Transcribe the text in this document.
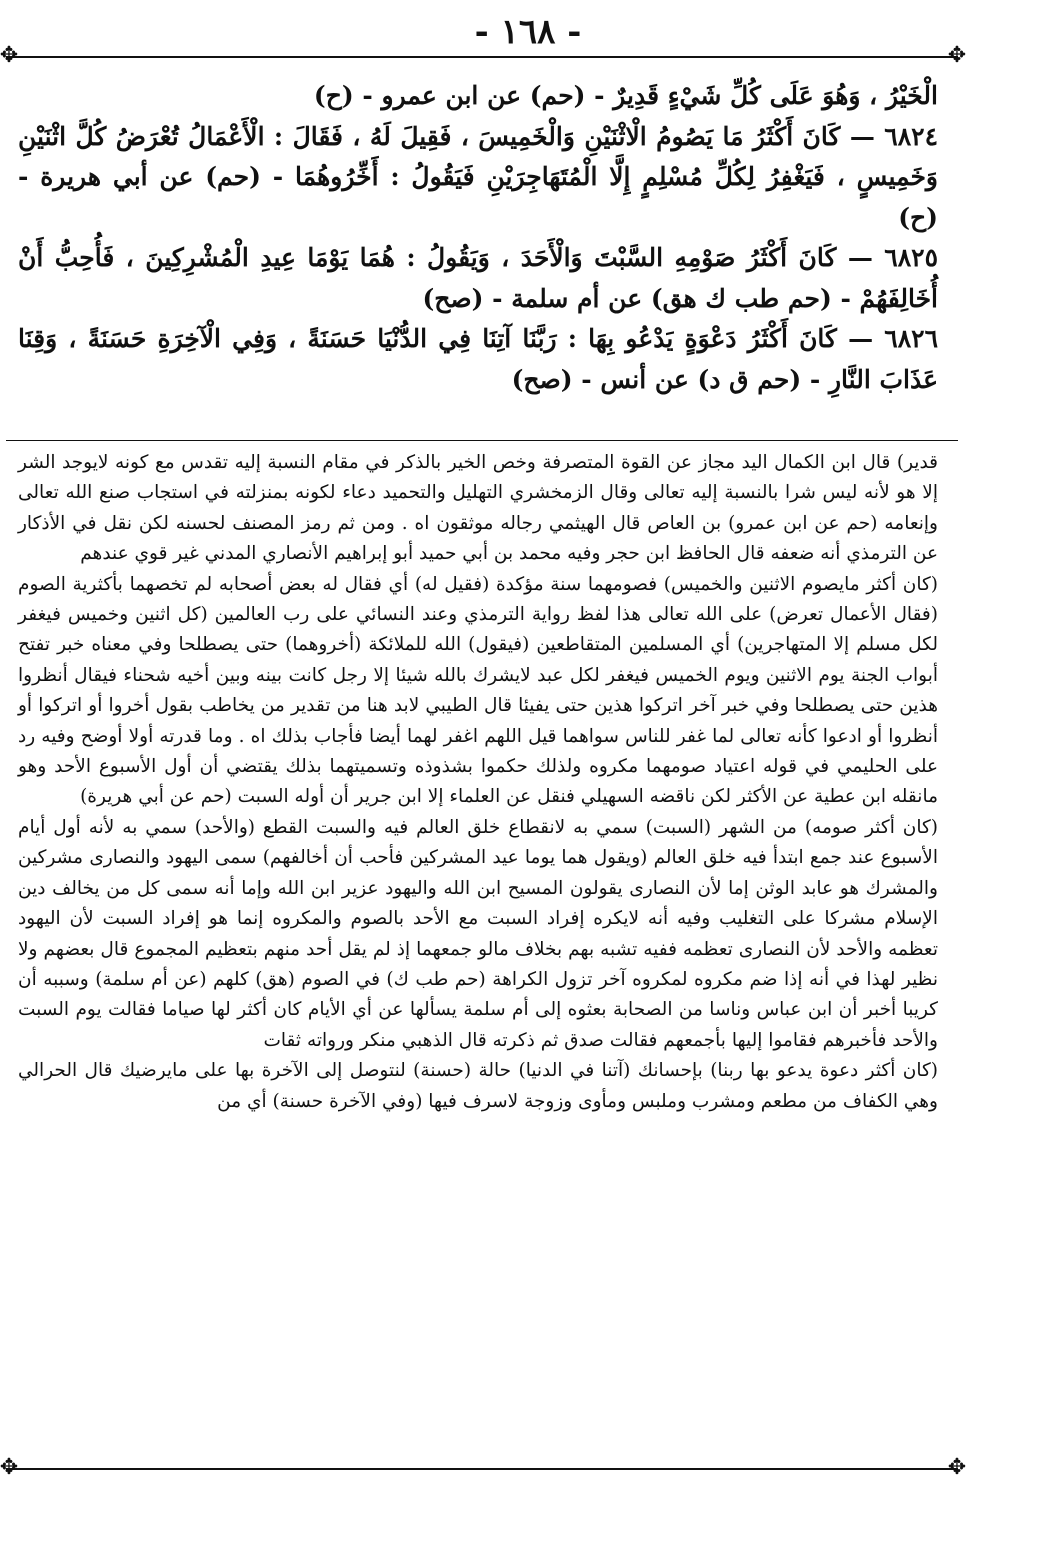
- ١٦٨ -
✥	✥
✥	✥

الْخَيْرُ ، وَهُوَ عَلَى كُلِّ شَيْءٍ قَدِيرٌ - (حم) عن ابن عمرو - (ح)

٦٨٢٤ — كَانَ أَكْثَرُ مَا يَصُومُ الْاثْنَيْنِ وَالْخَمِيسَ ، فَقِيلَ لَهُ ، فَقَالَ : الْأَعْمَالُ تُعْرَضُ كُلَّ اثْنَيْنِ وَخَمِيسٍ ، فَيَغْفِرُ لِكُلِّ مُسْلِمٍ إِلَّا الْمُتَهَاجِرَيْنِ فَيَقُولُ : أَخِّرُوهُمَا - (حم) عن أبي هريرة - (ح)

٦٨٢٥ — كَانَ أَكْثَرُ صَوْمِهِ السَّبْتَ وَالْأَحَدَ ، وَيَقُولُ : هُمَا يَوْمَا عِيدِ الْمُشْرِكِينَ ، فَأُحِبُّ أَنْ أُخَالِفَهُمْ - (حم طب ك هق) عن أم سلمة - (صح)

٦٨٢٦ — كَانَ أَكْثَرُ دَعْوَةٍ يَدْعُو بِهَا : رَبَّنَا آتِنَا فِي الدُّنْيَا حَسَنَةً ، وَفِي الْآخِرَةِ حَسَنَةً ، وَقِنَا عَذَابَ النَّارِ - (حم ق د) عن أنس - (صح)

قدير) قال ابن الكمال اليد مجاز عن القوة المتصرفة وخص الخير بالذكر في مقام النسبة إليه تقدس مع كونه لايوجد الشر إلا هو لأنه ليس شرا بالنسبة إليه تعالى وقال الزمخشري التهليل والتحميد دعاء لكونه بمنزلته في استجاب صنع الله تعالى وإنعامه (حم عن ابن عمرو) بن العاص قال الهيثمي رجاله موثقون اه . ومن ثم رمز المصنف لحسنه لكن نقل في الأذكار عن الترمذي أنه ضعفه قال الحافظ ابن حجر وفيه محمد بن أبي حميد أبو إبراهيم الأنصاري المدني غير قوي عندهم

(كان أكثر مايصوم الاثنين والخميس) فصومهما سنة مؤكدة (فقيل له) أي فقال له بعض أصحابه لم تخصهما بأكثرية الصوم (فقال الأعمال تعرض) على الله تعالى هذا لفظ رواية الترمذي وعند النسائي على رب العالمين (كل اثنين وخميس فيغفر لكل مسلم إلا المتهاجرين) أي المسلمين المتقاطعين (فيقول) الله للملائكة (أخروهما) حتى يصطلحا وفي معناه خبر تفتح أبواب الجنة يوم الاثنين ويوم الخميس فيغفر لكل عبد لايشرك بالله شيئا إلا رجل كانت بينه وبين أخيه شحناء فيقال أنظروا هذين حتى يصطلحا وفي خبر آخر اتركوا هذين حتى يفيئا قال الطيبي لابد هنا من تقدير من يخاطب بقول أخروا أو اتركوا أو أنظروا أو ادعوا كأنه تعالى لما غفر للناس سواهما قيل اللهم اغفر لهما أيضا فأجاب بذلك اه . وما قدرته أولا أوضح وفيه رد على الحليمي في قوله اعتياد صومهما مكروه ولذلك حكموا بشذوذه وتسميتهما بذلك يقتضي أن أول الأسبوع الأحد وهو مانقله ابن عطية عن الأكثر لكن ناقضه السهيلي فنقل عن العلماء إلا ابن جرير أن أوله السبت (حم عن أبي هريرة)

(كان أكثر صومه) من الشهر (السبت) سمي به لانقطاع خلق العالم فيه والسبت القطع (والأحد) سمي به لأنه أول أيام الأسبوع عند جمع ابتدأ فيه خلق العالم (ويقول هما يوما عيد المشركين فأحب أن أخالفهم) سمى اليهود والنصارى مشركين والمشرك هو عابد الوثن إما لأن النصارى يقولون المسيح ابن الله واليهود عزير ابن الله وإما أنه سمى كل من يخالف دين الإسلام مشركا على التغليب وفيه أنه لايكره إفراد السبت مع الأحد بالصوم والمكروه إنما هو إفراد السبت لأن اليهود تعظمه والأحد لأن النصارى تعظمه ففيه تشبه بهم بخلاف مالو جمعهما إذ لم يقل أحد منهم بتعظيم المجموع قال بعضهم ولا نظير لهذا في أنه إذا ضم مكروه لمكروه آخر تزول الكراهة (حم طب ك) في الصوم (هق) كلهم (عن أم سلمة) وسببه أن كريبا أخبر أن ابن عباس وناسا من الصحابة بعثوه إلى أم سلمة يسألها عن أي الأيام كان أكثر لها صياما فقالت يوم السبت والأحد فأخبرهم فقاموا إليها بأجمعهم فقالت صدق ثم ذكرته قال الذهبي منكر ورواته ثقات

(كان أكثر دعوة يدعو بها ربنا) بإحسانك (آتنا في الدنيا) حالة (حسنة) لنتوصل إلى الآخرة بها على مايرضيك قال الحرالي وهي الكفاف من مطعم ومشرب وملبس ومأوى وزوجة لاسرف فيها (وفي الآخرة حسنة) أي من
